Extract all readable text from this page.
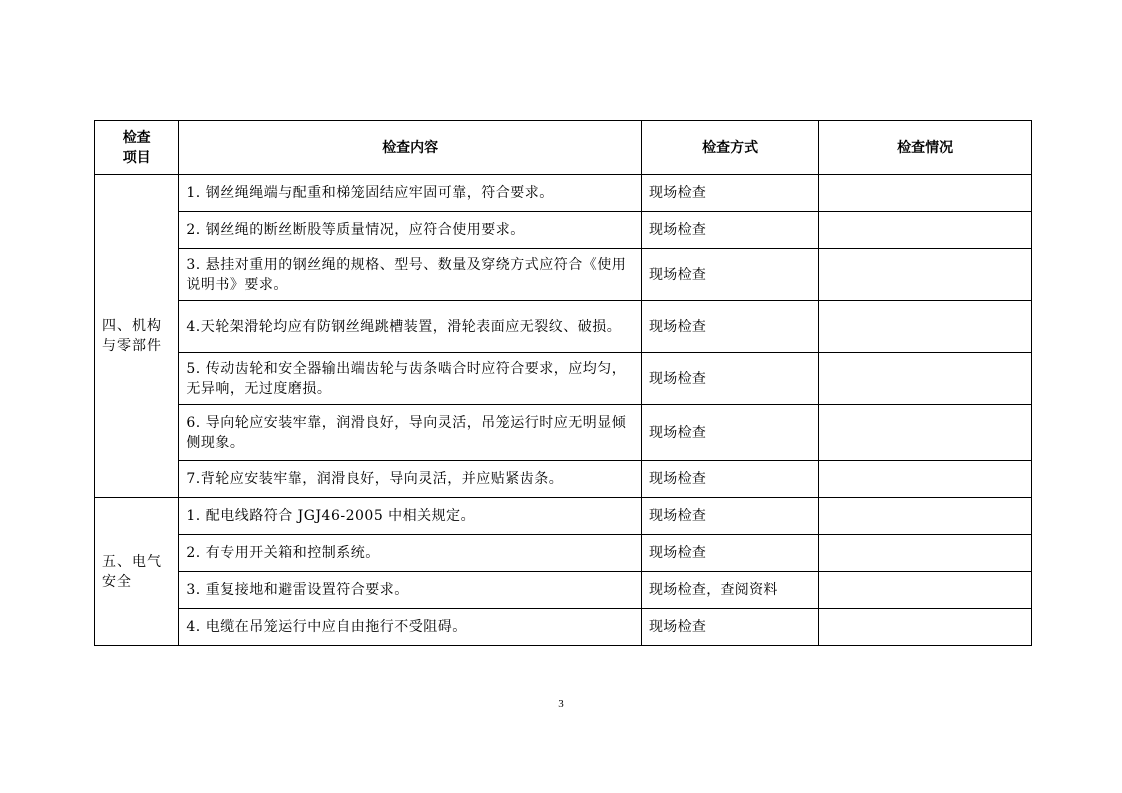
检查
项目	检查内容	检查方式	检查情况
四、机构与零部件	1. 钢丝绳绳端与配重和梯笼固结应牢固可靠，符合要求。	现场检查	
	2. 钢丝绳的断丝断股等质量情况，应符合使用要求。	现场检查	
	3. 悬挂对重用的钢丝绳的规格、型号、数量及穿绕方式应符合《使用说明书》要求。	现场检查	
	4.天轮架滑轮均应有防钢丝绳跳槽装置，滑轮表面应无裂纹、破损。	现场检查	
	5. 传动齿轮和安全器输出端齿轮与齿条啮合时应符合要求，应均匀，无异响，无过度磨损。	现场检查	
	6. 导向轮应安装牢靠，润滑良好，导向灵活，吊笼运行时应无明显倾侧现象。	现场检查	
	7.背轮应安装牢靠，润滑良好，导向灵活，并应贴紧齿条。	现场检查	
五、电气安全	1. 配电线路符合 JGJ46-2005 中相关规定。	现场检查	
	2. 有专用开关箱和控制系统。	现场检查	
	3. 重复接地和避雷设置符合要求。	现场检查，查阅资料	
	4. 电缆在吊笼运行中应自由拖行不受阻碍。	现场检查	
3
